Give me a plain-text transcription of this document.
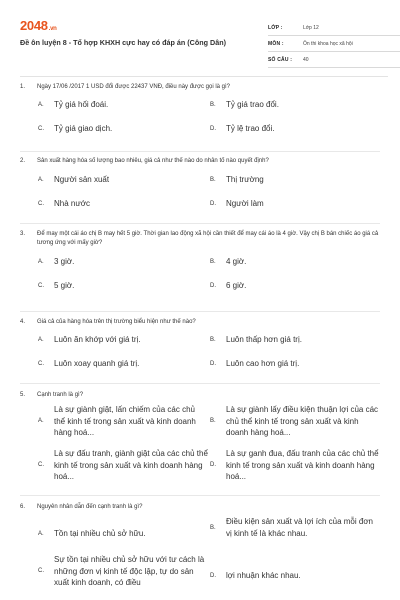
2048.vn
Đề ôn luyện 8 - Tổ hợp KHXH cực hay có đáp án (Công Dân)
LỚP :	Lớp 12
MÔN :	Ôn thi khoa học xã hội
SỐ CÂU :	40
1. Ngày 17/06 /2017 1 USD đổi được 22437 VNĐ, điều này được gọi là gì?
A.	Tỷ giá hối đoái.	B.	Tỷ giá trao đổi.
C.	Tỷ giá giao dịch.	D.	Tỷ lệ trao đổi.
2. Sản xuất hàng hóa số lượng bao nhiêu, giá cả như thế nào do nhân tố nào quyết định?
A.	Người sản xuất	B.	Thị trường
C.	Nhà nước	D.	Người làm
3. Để may một cái áo chị B may hết 5 giờ. Thời gian lao động xã hội cần thiết để may cái áo là 4 giờ. Vậy chị B bán chiếc áo giá cả tương ứng với mấy giờ?
A.	3 giờ.	B.	4 giờ.
C.	5 giờ.	D.	6 giờ.
4. Giá cả của hàng hóa trên thị trường biểu hiện như thế nào?
A.	Luôn ăn khớp với giá trị.	B.	Luôn thấp hơn giá trị.
C.	Luôn xoay quanh giá trị.	D.	Luôn cao hơn giá trị.
5. Cạnh tranh là gì?
A.
Là sự giành giật, lấn chiếm của các chủ thể kinh tế trong sản xuất và kinh doanh hàng hoá...
B.
Là sự giành lấy điều kiện thuận lợi của các chủ thể kinh tế trong sản xuất và kinh doanh hàng hoá...
C.
Là sự đấu tranh, giành giật của các chủ thể kinh tế trong sản xuất và kinh doanh hàng hoá...
D.
Là sự ganh đua, đấu tranh của các chủ thể kinh tế trong sản xuất và kinh doanh hàng hoá...
6. Nguyên nhân dẫn đến cạnh tranh là gì?
A.	Tồn tại nhiều chủ sở hữu.
B.
Điều kiện sản xuất và lợi ích của mỗi đơn vị kinh tế là khác nhau.
C.
Sự tồn tại nhiều chủ sở hữu với tư cách là những đơn vị kinh tế độc lập, tự do sản xuất kinh doanh, có điều
D.	lợi nhuận khác nhau.
